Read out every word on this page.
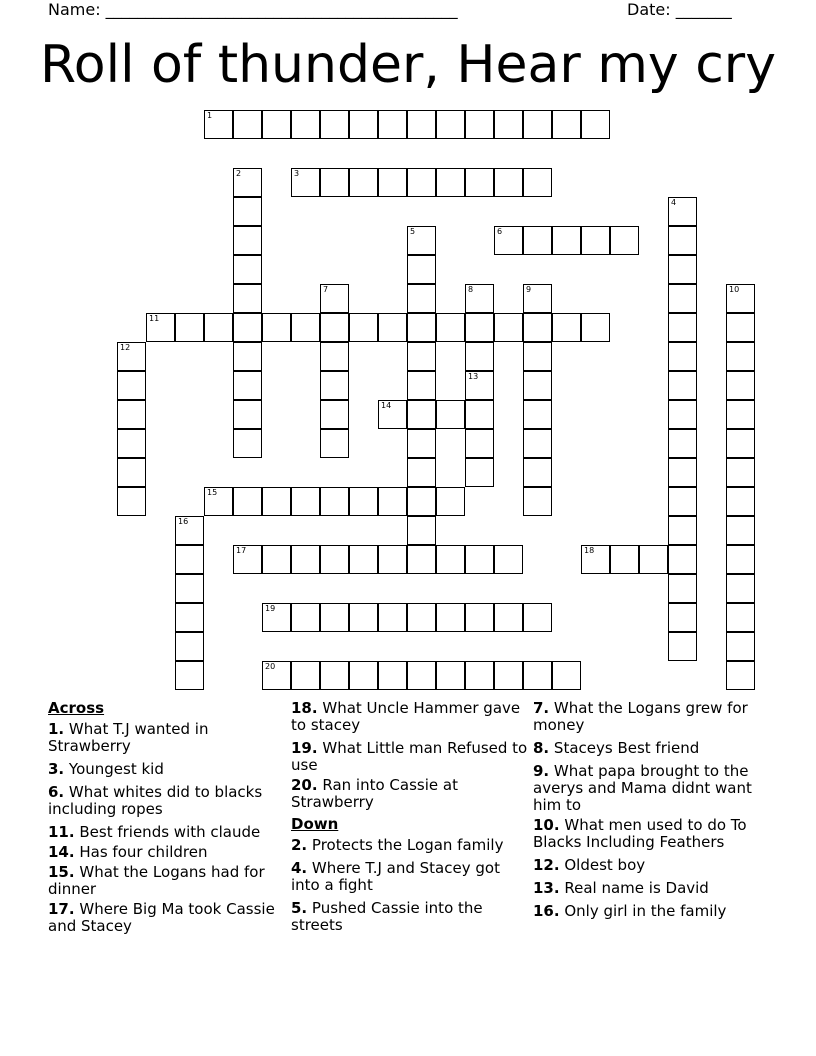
Name: ____________________________________________	Date: _______
Roll of thunder, Hear my cry
1
2	3
4
5	6
7	8
13
9	10
11
12
14
15
16
17	18
19
20
Across
1. What T.J wanted in Strawberry
3. Youngest kid
6. What whites did to blacks including ropes
11. Best friends with claude
14. Has four children
15. What the Logans had for dinner
17. Where Big Ma took Cassie and Stacey
18. What Uncle Hammer gave to stacey
19. What Little man Refused to use
20. Ran into Cassie at Strawberry
Down
2. Protects the Logan family
4. Where T.J and Stacey got into a fight
5. Pushed Cassie into the streets
7. What the Logans grew for money
8. Staceys Best friend
9. What papa brought to the averys and Mama didnt want him to
10. What men used to do To Blacks Including Feathers
12. Oldest boy
13. Real name is David
16. Only girl in the family
